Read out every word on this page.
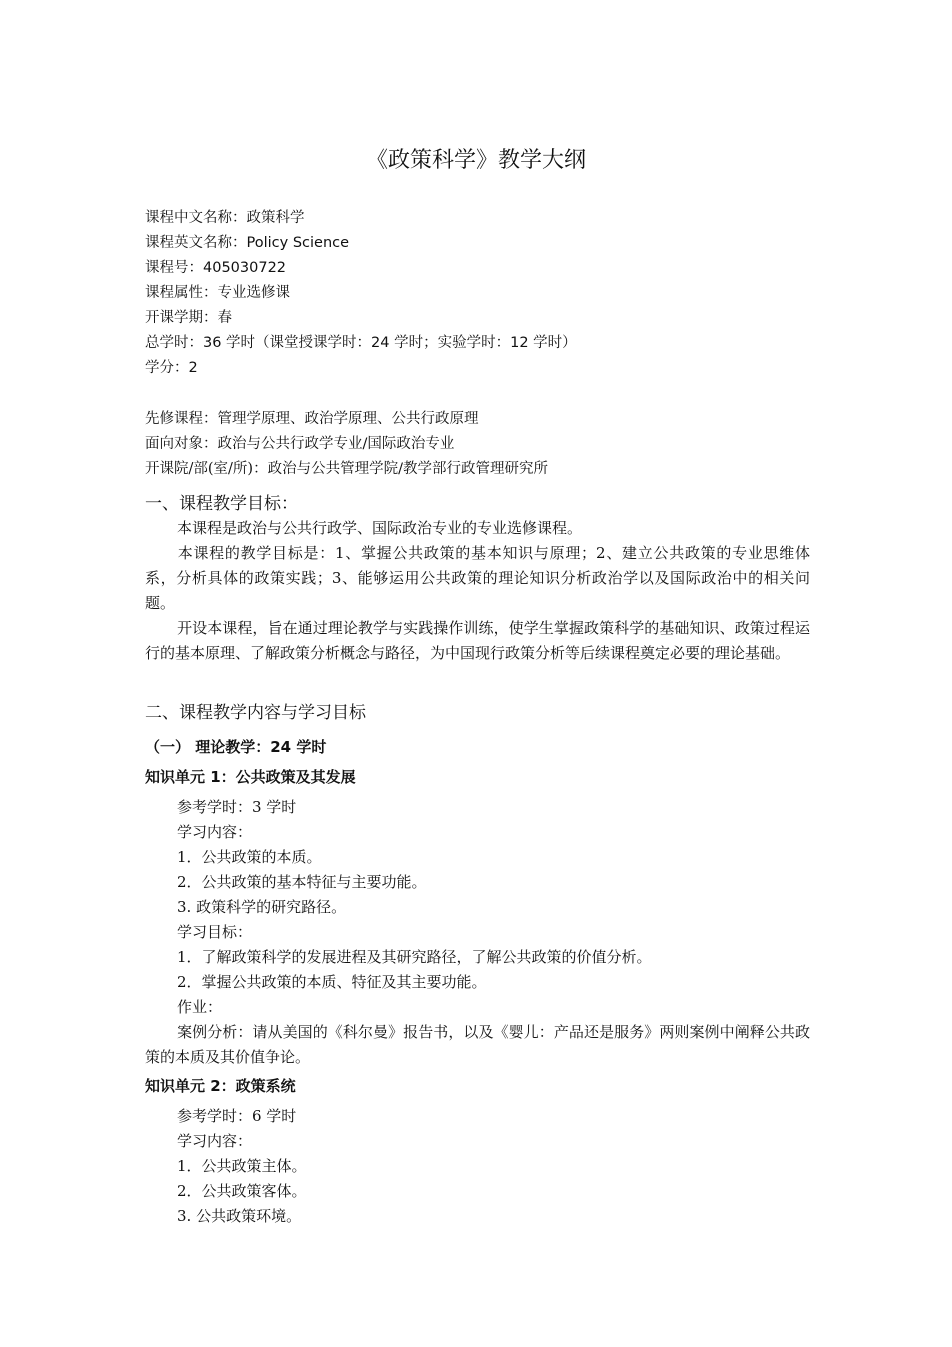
《政策科学》教学大纲
课程中文名称：政策科学
课程英文名称：Policy Science
课程号：405030722
课程属性：专业选修课
开课学期：春
总学时：36 学时（课堂授课学时：24 学时；实验学时：12 学时）
学分：2
先修课程：管理学原理、政治学原理、公共行政原理
面向对象：政治与公共行政学专业/国际政治专业
开课院/部(室/所)：政治与公共管理学院/教学部行政管理研究所
一、课程教学目标：
本课程是政治与公共行政学、国际政治专业的专业选修课程。
本课程的教学目标是：1、掌握公共政策的基本知识与原理；2、建立公共政策的专业思维体系，分析具体的政策实践；3、能够运用公共政策的理论知识分析政治学以及国际政治中的相关问题。
开设本课程，旨在通过理论教学与实践操作训练，使学生掌握政策科学的基础知识、政策过程运行的基本原理、了解政策分析概念与路径，为中国现行政策分析等后续课程奠定必要的理论基础。
二、课程教学内容与学习目标
（一） 理论教学：24 学时
知识单元 1：公共政策及其发展
参考学时：3 学时
学习内容：
1．公共政策的本质。
2．公共政策的基本特征与主要功能。
3. 政策科学的研究路径。
学习目标：
1．了解政策科学的发展进程及其研究路径，了解公共政策的价值分析。
2．掌握公共政策的本质、特征及其主要功能。
作业：
案例分析：请从美国的《科尔曼》报告书，以及《婴儿：产品还是服务》两则案例中阐释公共政策的本质及其价值争论。
知识单元 2：政策系统
参考学时：6 学时
学习内容：
1．公共政策主体。
2．公共政策客体。
3. 公共政策环境。
